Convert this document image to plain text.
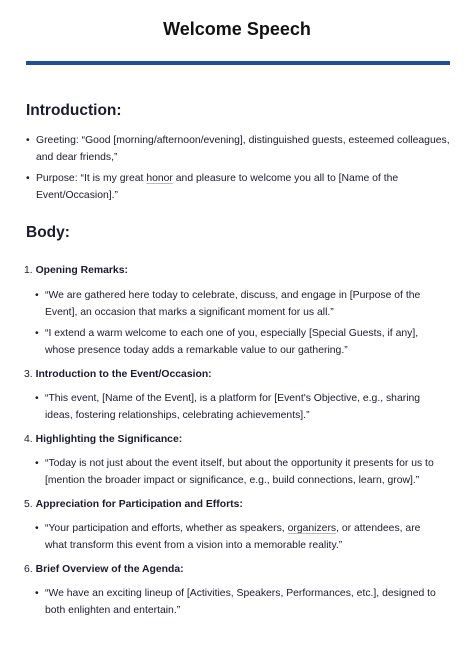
Welcome Speech
Introduction:
• Greeting: “Good [morning/afternoon/evening], distinguished guests, esteemed colleagues,
and dear friends,”
• Purpose: “It is my great honor and pleasure to welcome you all to [Name of the
Event/Occasion].”
Body:
1. Opening Remarks:
• “We are gathered here today to celebrate, discuss, and engage in [Purpose of the
Event], an occasion that marks a significant moment for us all.”
• “I extend a warm welcome to each one of you, especially [Special Guests, if any],
whose presence today adds a remarkable value to our gathering.”
3. Introduction to the Event/Occasion:
• “This event, [Name of the Event], is a platform for [Event's Objective, e.g., sharing
ideas, fostering relationships, celebrating achievements].”
4. Highlighting the Significance:
• “Today is not just about the event itself, but about the opportunity it presents for us to
[mention the broader impact or significance, e.g., build connections, learn, grow].”
5. Appreciation for Participation and Efforts:
• “Your participation and efforts, whether as speakers, organizers, or attendees, are
what transform this event from a vision into a memorable reality.”
6. Brief Overview of the Agenda:
• “We have an exciting lineup of [Activities, Speakers, Performances, etc.], designed to
both enlighten and entertain.”
